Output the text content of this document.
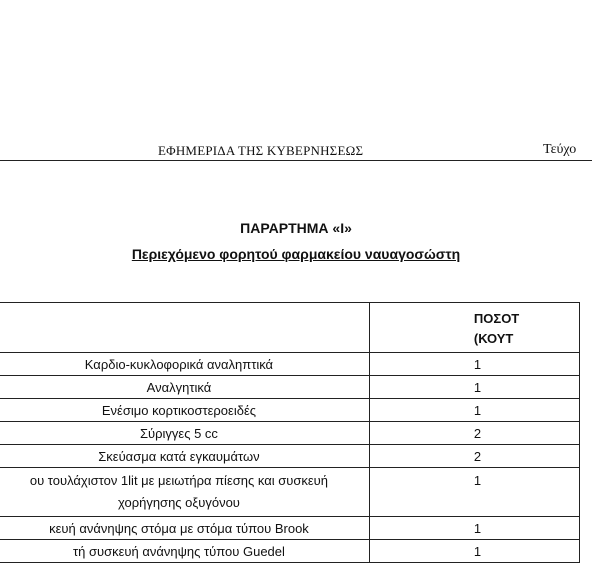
ΕΦΗΜΕΡΙΔΑ ΤΗΣ ΚΥΒΕΡΝΗΣΕΩΣ	Τεύχο
ΠΑΡΑΡΤΗΜΑ «Ι»
Περιεχόμενο φορητού φαρμακείου ναυαγοσώστη

	ΠΟΣΟΤ
(ΚΟΥΤ

Καρδιο-κυκλοφορικά αναληπτικά	1
Αναλγητικά	1
Ενέσιμο κορτικοστεροειδές	1
Σύριγγες 5 cc	2
Σκεύασμα κατά εγκαυμάτων	2

ου τουλάχιστον 1lit με μειωτήρα πίεσης και συσκευή
χορήγησης οξυγόνου	1
κευή ανάνηψης στόμα με στόμα τύπου Brook	1
τή συσκευή ανάνηψης τύπου Guedel	1
